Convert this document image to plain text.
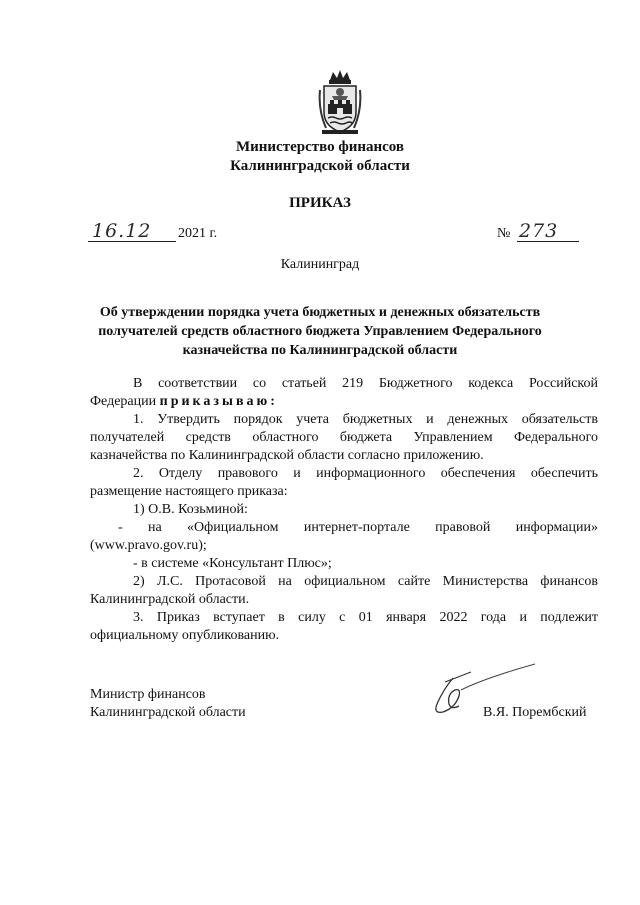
Министерство финансов
Калининградской области
ПРИКАЗ
16.12 2021 г.	№ 273
Калининград
Об утверждении порядка учета бюджетных и денежных обязательств
получателей средств областного бюджета Управлением Федерального
казначейства по Калининградской области
В соответствии со статьей 219 Бюджетного кодекса Российской
Федерации приказываю:
1. Утвердить порядок учета бюджетных и денежных обязательств
получателей средств областного бюджета Управлением Федерального
казначейства по Калининградской области согласно приложению.
2. Отделу правового и информационного обеспечения обеспечить
размещение настоящего приказа:
1) О.В. Козьминой:
- на «Официальном интернет-портале правовой информации»
(www.pravo.gov.ru);
- в системе «Консультант Плюс»;
2) Л.С. Протасовой на официальном сайте Министерства финансов
Калининградской области.
3. Приказ вступает в силу с 01 января 2022 года и подлежит
официальному опубликованию.
Министр финансов
Калининградской области	В.Я. Порембский
